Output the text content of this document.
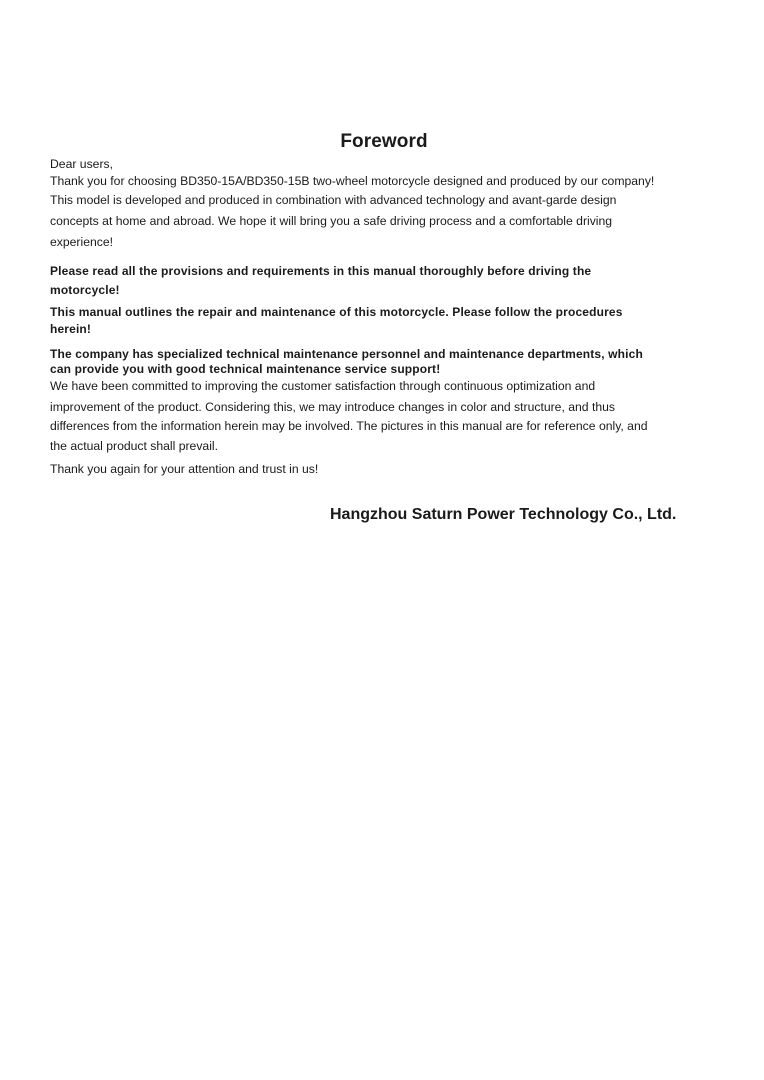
Foreword

Dear users,

Thank you for choosing BD350-15A/BD350-15B two-wheel motorcycle designed and produced by our company!

This model is developed and produced in combination with advanced technology and avant-garde design

concepts at home and abroad. We hope it will bring you a safe driving process and a comfortable driving

experience!

Please read all the provisions and requirements in this manual thoroughly before driving the

motorcycle!

This manual outlines the repair and maintenance of this motorcycle. Please follow the procedures

herein!

The company has specialized technical maintenance personnel and maintenance departments, which

can provide you with good technical maintenance service support!

We have been committed to improving the customer satisfaction through continuous optimization and

improvement of the product. Considering this, we may introduce changes in color and structure, and thus

differences from the information herein may be involved. The pictures in this manual are for reference only, and

the actual product shall prevail.

Thank you again for your attention and trust in us!

Hangzhou Saturn Power Technology Co., Ltd.
